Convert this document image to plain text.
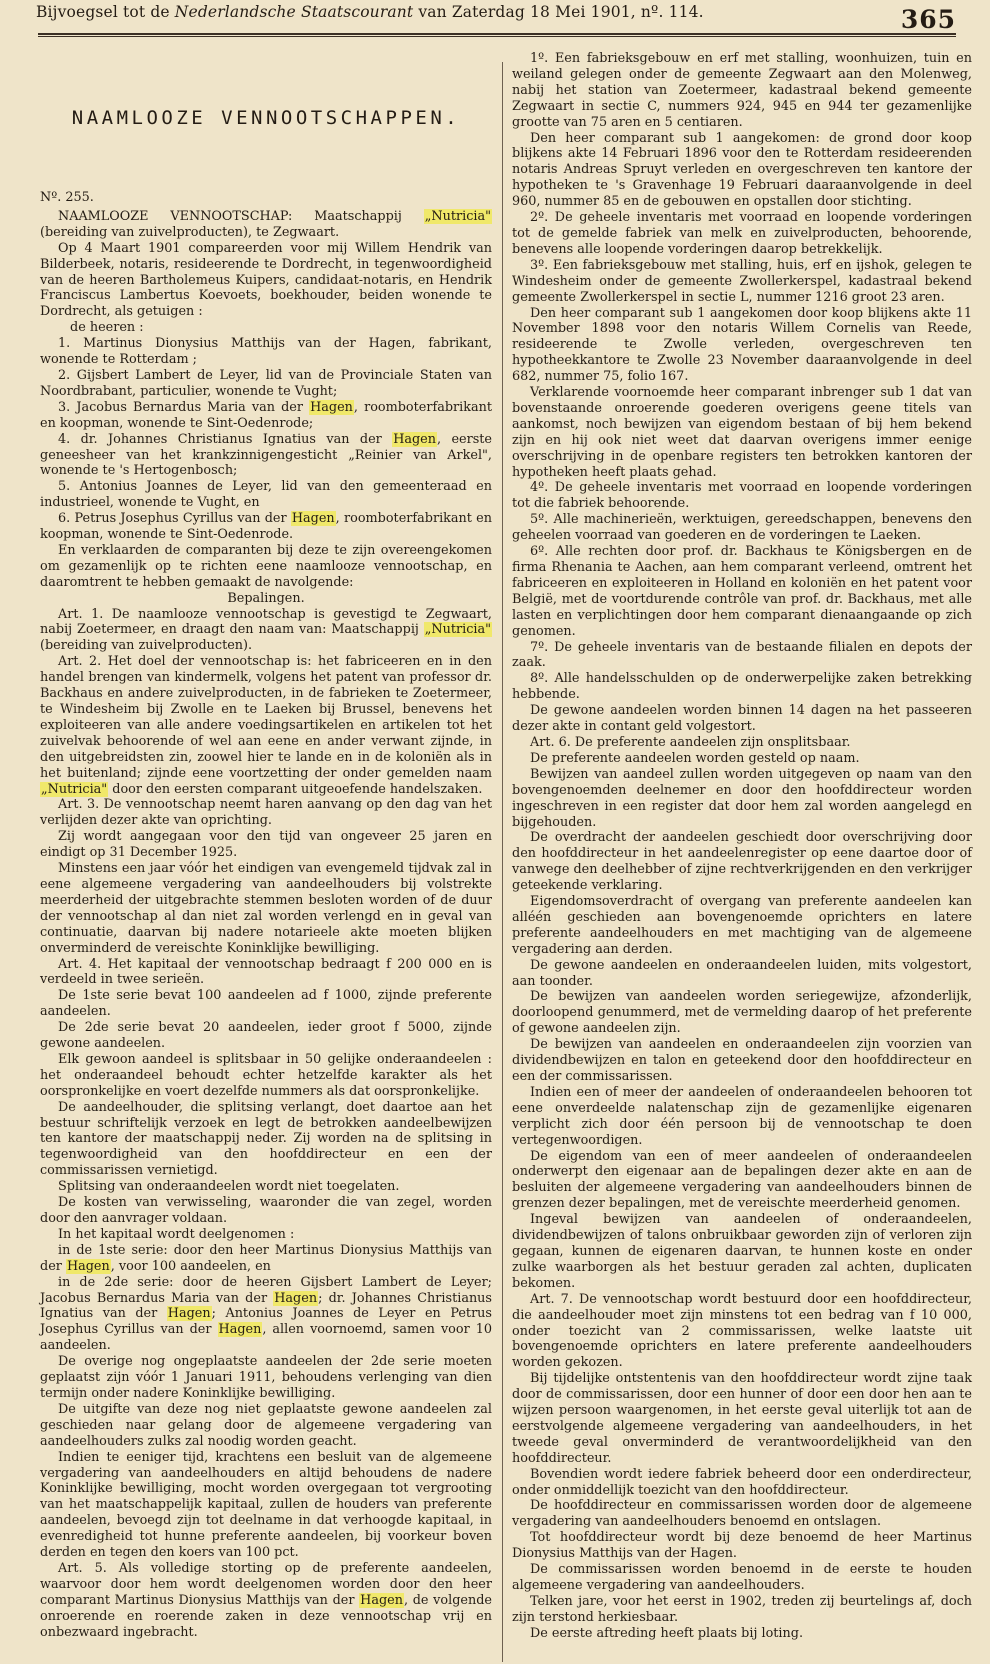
Bijvoegsel tot de Nederlandsche Staatscourant van Zaterdag 18 Mei 1901, nº. 114.	365
NAAMLOOZE VENNOOTSCHAPPEN.

Nº. 255.

NAAMLOOZE VENNOOTSCHAP: Maatschappij „Nutricia" (bereiding van zuivelproducten), te Zegwaart.

Op 4 Maart 1901 compareerden voor mij Willem Hendrik van Bilderbeek, notaris, resideerende te Dordrecht, in tegenwoordigheid van de heeren Bartholemeus Kuipers, candidaat-notaris, en Hendrik Franciscus Lambertus Koevoets, boekhouder, beiden wonende te Dordrecht, als getuigen :

de heeren :

1. Martinus Dionysius Matthijs van der Hagen, fabrikant, wonende te Rotterdam ;

2. Gijsbert Lambert de Leyer, lid van de Provinciale Staten van Noordbrabant, particulier, wonende te Vught;

3. Jacobus Bernardus Maria van der Hagen, roomboterfabrikant en koopman, wonende te Sint-Oedenrode;

4. dr. Johannes Christianus Ignatius van der Hagen, eerste geneesheer van het krankzinnigengesticht „Reinier van Arkel", wonende te 's Hertogenbosch;

5. Antonius Joannes de Leyer, lid van den gemeenteraad en industrieel, wonende te Vught, en

6. Petrus Josephus Cyrillus van der Hagen, roomboterfabrikant en koopman, wonende te Sint-Oedenrode.

En verklaarden de comparanten bij deze te zijn overeengekomen om gezamenlijk op te richten eene naamlooze vennootschap, en daaromtrent te hebben gemaakt de navolgende:

Bepalingen.

Art. 1. De naamlooze vennootschap is gevestigd te Zegwaart, nabij Zoetermeer, en draagt den naam van: Maatschappij „Nutricia" (bereiding van zuivelproducten).

Art. 2. Het doel der vennootschap is: het fabriceeren en in den handel brengen van kindermelk, volgens het patent van professor dr. Backhaus en andere zuivelproducten, in de fabrieken te Zoetermeer, te Windesheim bij Zwolle en te Laeken bij Brussel, benevens het exploiteeren van alle andere voedingsartikelen en artikelen tot het zuivelvak behoorende of wel aan eene en ander verwant zijnde, in den uitgebreidsten zin, zoowel hier te lande en in de koloniën als in het buitenland; zijnde eene voortzetting der onder gemelden naam „Nutricia" door den eersten comparant uitgeoefende handelszaken.

Art. 3. De vennootschap neemt haren aanvang op den dag van het verlijden dezer akte van oprichting.

Zij wordt aangegaan voor den tijd van ongeveer 25 jaren en eindigt op 31 December 1925.

Minstens een jaar vóór het eindigen van evengemeld tijdvak zal in eene algemeene vergadering van aandeelhouders bij volstrekte meerderheid der uitgebrachte stemmen besloten worden of de duur der vennootschap al dan niet zal worden verlengd en in geval van continuatie, daarvan bij nadere notarieele akte moeten blijken onverminderd de vereischte Koninklijke bewilliging.

Art. 4. Het kapitaal der vennootschap bedraagt f 200 000 en is verdeeld in twee serieën.

De 1ste serie bevat 100 aandeelen ad f 1000, zijnde preferente aandeelen.

De 2de serie bevat 20 aandeelen, ieder groot f 5000, zijnde gewone aandeelen.

Elk gewoon aandeel is splitsbaar in 50 gelijke onderaandeelen : het onderaandeel behoudt echter hetzelfde karakter als het oorspronkelijke en voert dezelfde nummers als dat oorspronkelijke.

De aandeelhouder, die splitsing verlangt, doet daartoe aan het bestuur schriftelijk verzoek en legt de betrokken aandeelbewijzen ten kantore der maatschappij neder. Zij worden na de splitsing in tegenwoordigheid van den hoofddirecteur en een der commissarissen vernietigd.

Splitsing van onderaandeelen wordt niet toegelaten.

De kosten van verwisseling, waaronder die van zegel, worden door den aanvrager voldaan.

In het kapitaal wordt deelgenomen :

in de 1ste serie: door den heer Martinus Dionysius Matthijs van der Hagen, voor 100 aandeelen, en

in de 2de serie: door de heeren Gijsbert Lambert de Leyer; Jacobus Bernardus Maria van der Hagen; dr. Johannes Christianus Ignatius van der Hagen; Antonius Joannes de Leyer en Petrus Josephus Cyrillus van der Hagen, allen voornoemd, samen voor 10 aandeelen.

De overige nog ongeplaatste aandeelen der 2de serie moeten geplaatst zijn vóór 1 Januari 1911, behoudens verlenging van dien termijn onder nadere Koninklijke bewilliging.

De uitgifte van deze nog niet geplaatste gewone aandeelen zal geschieden naar gelang door de algemeene vergadering van aandeelhouders zulks zal noodig worden geacht.

Indien te eeniger tijd, krachtens een besluit van de algemeene vergadering van aandeelhouders en altijd behoudens de nadere Koninklijke bewilliging, mocht worden overgegaan tot vergrooting van het maatschappelijk kapitaal, zullen de houders van preferente aandeelen, bevoegd zijn tot deelname in dat verhoogde kapitaal, in evenredigheid tot hunne preferente aandeelen, bij voorkeur boven derden en tegen den koers van 100 pct.

Art. 5. Als volledige storting op de preferente aandeelen, waarvoor door hem wordt deelgenomen worden door den heer comparant Martinus Dionysius Matthijs van der Hagen, de volgende onroerende en roerende zaken in deze vennootschap vrij en onbezwaard ingebracht.

1º. Een fabrieksgebouw en erf met stalling, woonhuizen, tuin en weiland gelegen onder de gemeente Zegwaart aan den Molenweg, nabij het station van Zoetermeer, kadastraal bekend gemeente Zegwaart in sectie C, nummers 924, 945 en 944 ter gezamenlijke grootte van 75 aren en 5 centiaren.

Den heer comparant sub 1 aangekomen: de grond door koop blijkens akte 14 Februari 1896 voor den te Rotterdam resideerenden notaris Andreas Spruyt verleden en overgeschreven ten kantore der hypotheken te 's Gravenhage 19 Februari daaraanvolgende in deel 960, nummer 85 en de gebouwen en opstallen door stichting.

2º. De geheele inventaris met voorraad en loopende vorderingen tot de gemelde fabriek van melk en zuivelproducten, behoorende, benevens alle loopende vorderingen daarop betrekkelijk.

3º. Een fabrieksgebouw met stalling, huis, erf en ijshok, gelegen te Windesheim onder de gemeente Zwollerkerspel, kadastraal bekend gemeente Zwollerkerspel in sectie L, nummer 1216 groot 23 aren.

Den heer comparant sub 1 aangekomen door koop blijkens akte 11 November 1898 voor den notaris Willem Cornelis van Reede, resideerende te Zwolle verleden, overgeschreven ten hypotheekkantore te Zwolle 23 November daaraanvolgende in deel 682, nummer 75, folio 167.

Verklarende voornoemde heer comparant inbrenger sub 1 dat van bovenstaande onroerende goederen overigens geene titels van aankomst, noch bewijzen van eigendom bestaan of bij hem bekend zijn en hij ook niet weet dat daarvan overigens immer eenige overschrijving in de openbare registers ten betrokken kantoren der hypotheken heeft plaats gehad.

4º. De geheele inventaris met voorraad en loopende vorderingen tot die fabriek behoorende.

5º. Alle machinerieën, werktuigen, gereedschappen, benevens den geheelen voorraad van goederen en de vorderingen te Laeken.

6º. Alle rechten door prof. dr. Backhaus te Königsbergen en de firma Rhenania te Aachen, aan hem comparant verleend, omtrent het fabriceeren en exploiteeren in Holland en koloniën en het patent voor België, met de voortdurende contrôle van prof. dr. Backhaus, met alle lasten en verplichtingen door hem comparant dienaangaande op zich genomen.

7º. De geheele inventaris van de bestaande filialen en depots der zaak.

8º. Alle handelsschulden op de onderwerpelijke zaken betrekking hebbende.

De gewone aandeelen worden binnen 14 dagen na het passeeren dezer akte in contant geld volgestort.

Art. 6. De preferente aandeelen zijn onsplitsbaar.

De preferente aandeelen worden gesteld op naam.

Bewijzen van aandeel zullen worden uitgegeven op naam van den bovengenoemden deelnemer en door den hoofddirecteur worden ingeschreven in een register dat door hem zal worden aangelegd en bijgehouden.

De overdracht der aandeelen geschiedt door overschrijving door den hoofddirecteur in het aandeelenregister op eene daartoe door of vanwege den deelhebber of zijne rechtverkrijgenden en den verkrijger geteekende verklaring.

Eigendomsoverdracht of overgang van preferente aandeelen kan alléén geschieden aan bovengenoemde oprichters en latere preferente aandeelhouders en met machtiging van de algemeene vergadering aan derden.

De gewone aandeelen en onderaandeelen luiden, mits volgestort, aan toonder.

De bewijzen van aandeelen worden seriegewijze, afzonderlijk, doorloopend genummerd, met de vermelding daarop of het preferente of gewone aandeelen zijn.

De bewijzen van aandeelen en onderaandeelen zijn voorzien van dividendbewijzen en talon en geteekend door den hoofddirecteur en een der commissarissen.

Indien een of meer der aandeelen of onderaandeelen behooren tot eene onverdeelde nalatenschap zijn de gezamenlijke eigenaren verplicht zich door één persoon bij de vennootschap te doen vertegenwoordigen.

De eigendom van een of meer aandeelen of onderaandeelen onderwerpt den eigenaar aan de bepalingen dezer akte en aan de besluiten der algemeene vergadering van aandeelhouders binnen de grenzen dezer bepalingen, met de vereischte meerderheid genomen.

Ingeval bewijzen van aandeelen of onderaandeelen, dividendbewijzen of talons onbruikbaar geworden zijn of verloren zijn gegaan, kunnen de eigenaren daarvan, te hunnen koste en onder zulke waarborgen als het bestuur geraden zal achten, duplicaten bekomen.

Art. 7. De vennootschap wordt bestuurd door een hoofddirecteur, die aandeelhouder moet zijn minstens tot een bedrag van f 10 000, onder toezicht van 2 commissarissen, welke laatste uit bovengenoemde oprichters en latere preferente aandeelhouders worden gekozen.

Bij tijdelijke ontstentenis van den hoofddirecteur wordt zijne taak door de commissarissen, door een hunner of door een door hen aan te wijzen persoon waargenomen, in het eerste geval uiterlijk tot aan de eerstvolgende algemeene vergadering van aandeelhouders, in het tweede geval onverminderd de verantwoordelijkheid van den hoofddirecteur.

Bovendien wordt iedere fabriek beheerd door een onderdirecteur, onder onmiddellijk toezicht van den hoofddirecteur.

De hoofddirecteur en commissarissen worden door de algemeene vergadering van aandeelhouders benoemd en ontslagen.

Tot hoofddirecteur wordt bij deze benoemd de heer Martinus Dionysius Matthijs van der Hagen.

De commissarissen worden benoemd in de eerste te houden algemeene vergadering van aandeelhouders.

Telken jare, voor het eerst in 1902, treden zij beurtelings af, doch zijn terstond herkiesbaar.

De eerste aftreding heeft plaats bij loting.
